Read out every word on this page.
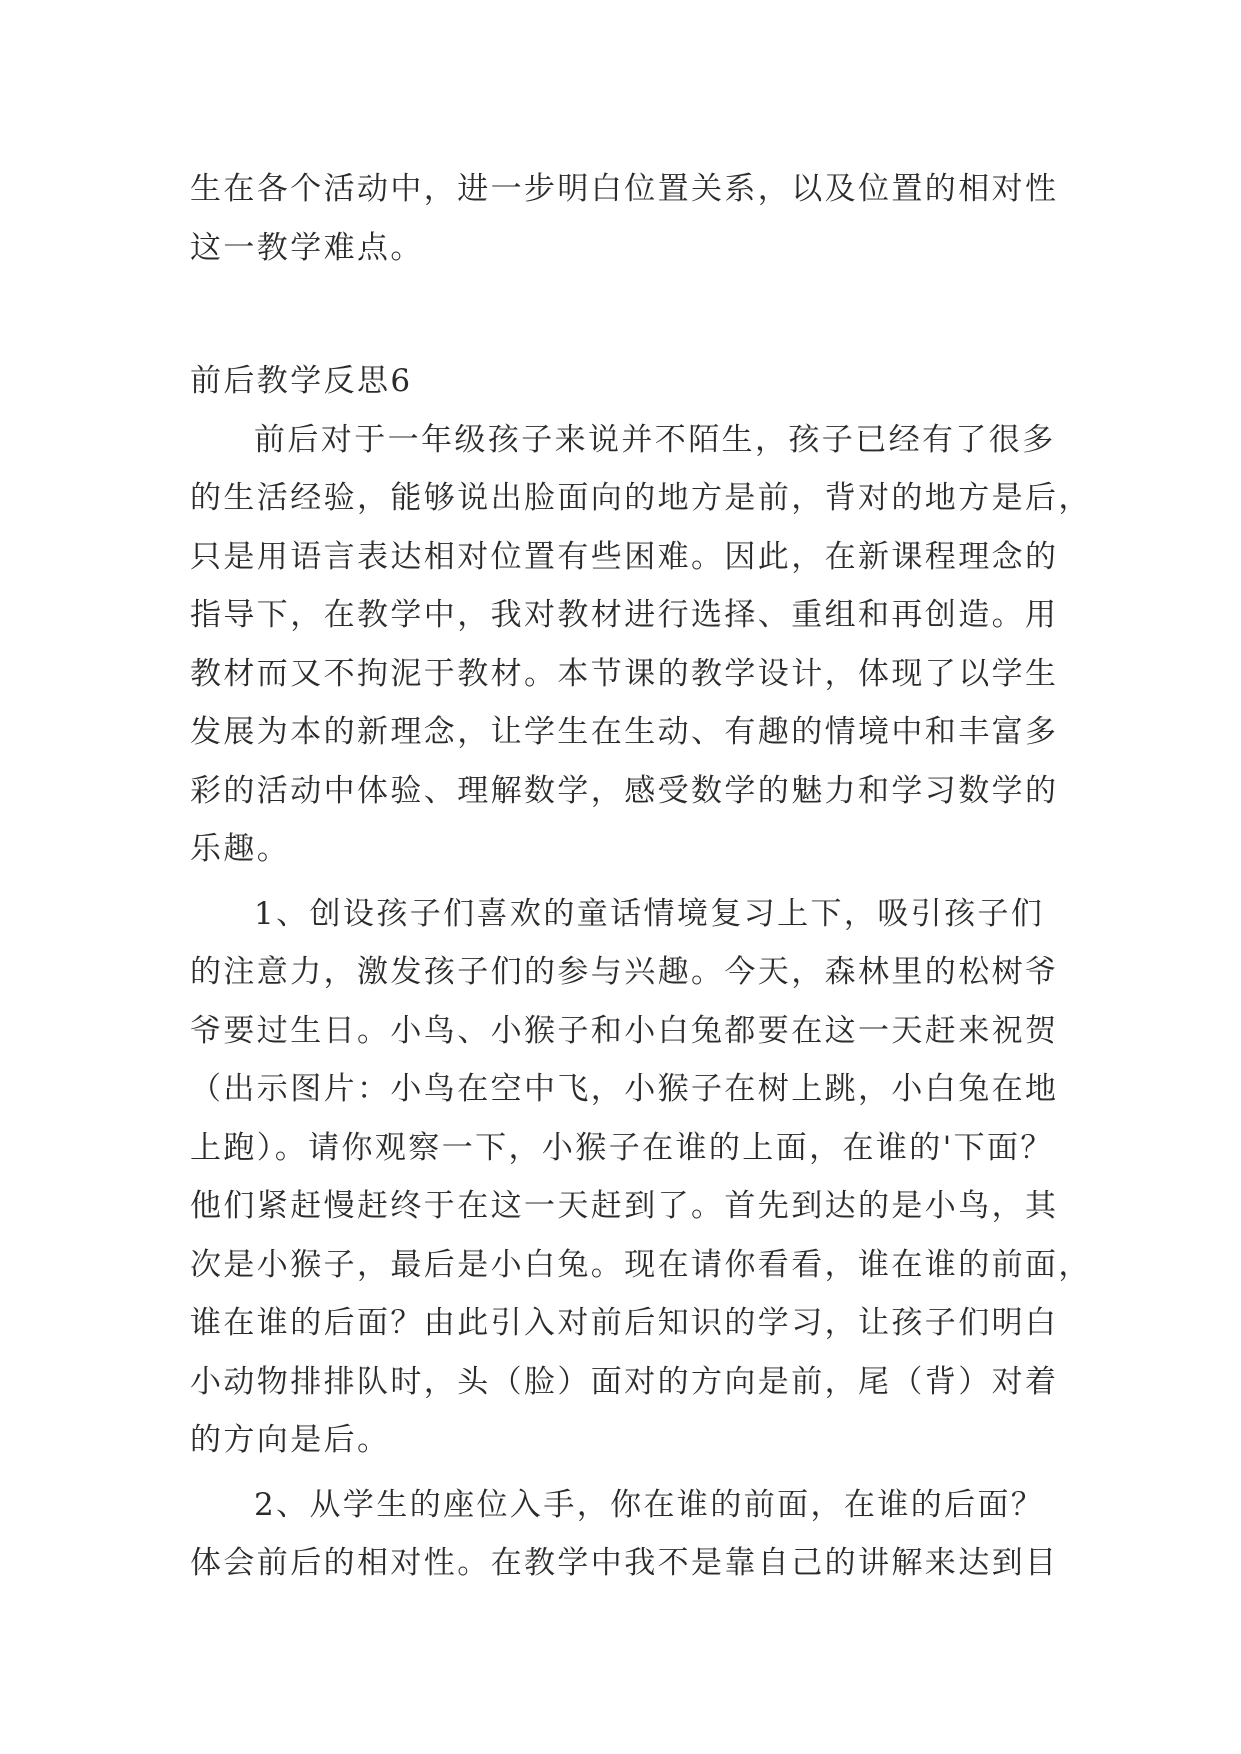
生在各个活动中，进一步明白位置关系，以及位置的相对性
这一教学难点。
前后教学反思6
前后对于一年级孩子来说并不陌生，孩子已经有了很多
的生活经验，能够说出脸面向的地方是前，背对的地方是后，
只是用语言表达相对位置有些困难。因此，在新课程理念的
指导下，在教学中，我对教材进行选择、重组和再创造。用
教材而又不拘泥于教材。本节课的教学设计，体现了以学生
发展为本的新理念，让学生在生动、有趣的情境中和丰富多
彩的活动中体验、理解数学，感受数学的魅力和学习数学的
乐趣。
1、创设孩子们喜欢的童话情境复习上下，吸引孩子们
的注意力，激发孩子们的参与兴趣。今天，森林里的松树爷
爷要过生日。小鸟、小猴子和小白兔都要在这一天赶来祝贺
（出示图片：小鸟在空中飞，小猴子在树上跳，小白兔在地
上跑）。请你观察一下，小猴子在谁的上面，在谁的'下面？
他们紧赶慢赶终于在这一天赶到了。首先到达的是小鸟，其
次是小猴子，最后是小白兔。现在请你看看，谁在谁的前面，
谁在谁的后面？由此引入对前后知识的学习，让孩子们明白
小动物排排队时，头（脸）面对的方向是前，尾（背）对着
的方向是后。
2、从学生的座位入手，你在谁的前面，在谁的后面？
体会前后的相对性。在教学中我不是靠自己的讲解来达到目
